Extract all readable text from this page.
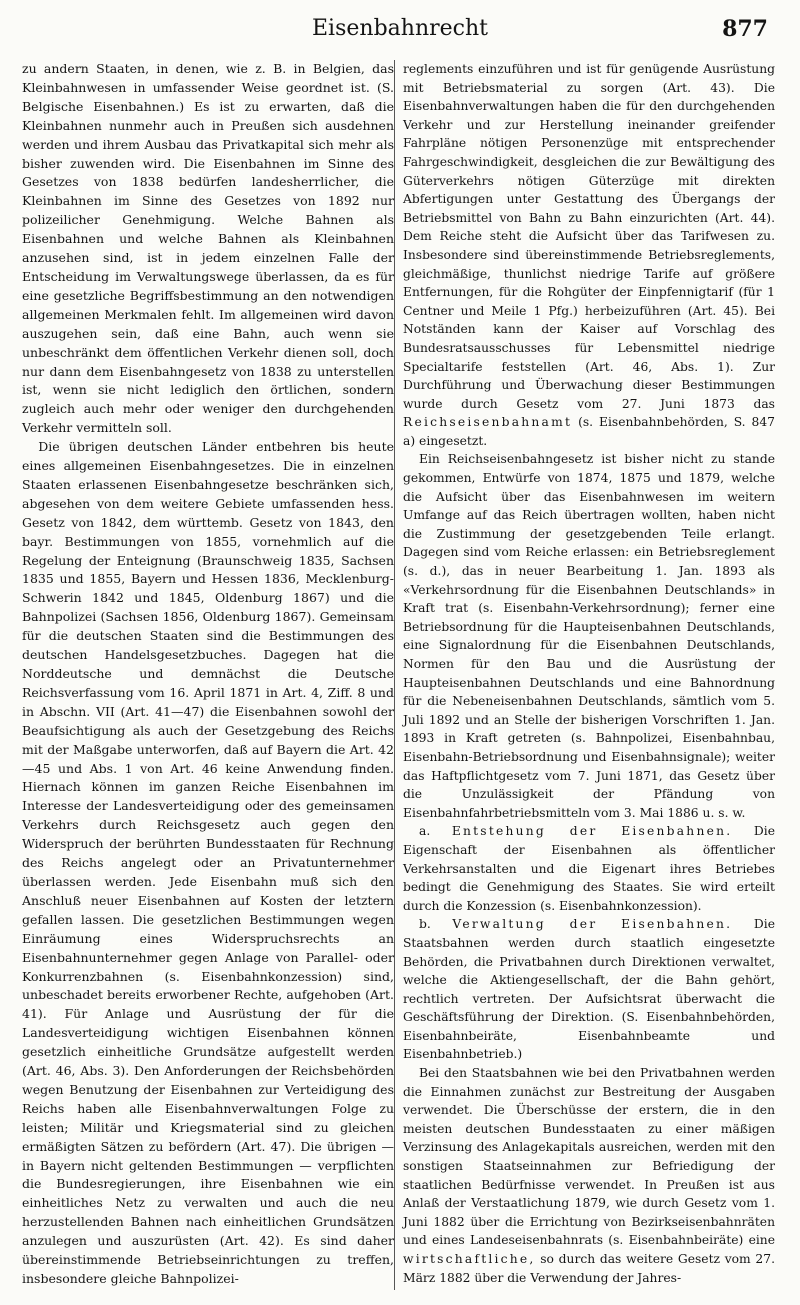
Eisenbahnrecht	877

zu andern Staaten, in denen, wie z. B. in Belgien, das Kleinbahnwesen in umfassender Weise geordnet ist. (S. Belgische Eisenbahnen.) Es ist zu erwarten, daß die Kleinbahnen nunmehr auch in Preußen sich ausdehnen werden und ihrem Ausbau das Privatkapital sich mehr als bisher zuwenden wird. Die Eisenbahnen im Sinne des Gesetzes von 1838 bedürfen landesherrlicher, die Kleinbahnen im Sinne des Gesetzes von 1892 nur polizeilicher Genehmigung. Welche Bahnen als Eisenbahnen und welche Bahnen als Kleinbahnen anzusehen sind, ist in jedem einzelnen Falle der Entscheidung im Verwaltungswege überlassen, da es für eine gesetzliche Begriffsbestimmung an den notwendigen allgemeinen Merkmalen fehlt. Im allgemeinen wird davon auszugehen sein, daß eine Bahn, auch wenn sie unbeschränkt dem öffentlichen Verkehr dienen soll, doch nur dann dem Eisenbahngesetz von 1838 zu unterstellen ist, wenn sie nicht lediglich den örtlichen, sondern zugleich auch mehr oder weniger den durchgehenden Verkehr vermitteln soll.

Die übrigen deutschen Länder entbehren bis heute eines allgemeinen Eisenbahngesetzes. Die in einzelnen Staaten erlassenen Eisenbahngesetze beschränken sich, abgesehen von dem weitere Gebiete umfassenden hess. Gesetz von 1842, dem württemb. Gesetz von 1843, den bayr. Bestimmungen von 1855, vornehmlich auf die Regelung der Enteignung (Braunschweig 1835, Sachsen 1835 und 1855, Bayern und Hessen 1836, Mecklenburg-Schwerin 1842 und 1845, Oldenburg 1867) und die Bahnpolizei (Sachsen 1856, Oldenburg 1867). Gemeinsam für die deutschen Staaten sind die Bestimmungen des deutschen Handelsgesetzbuches. Dagegen hat die Norddeutsche und demnächst die Deutsche Reichsverfassung vom 16. April 1871 in Art. 4, Ziff. 8 und in Abschn. VII (Art. 41—47) die Eisenbahnen sowohl der Beaufsichtigung als auch der Gesetzgebung des Reichs mit der Maßgabe unterworfen, daß auf Bayern die Art. 42—45 und Abs. 1 von Art. 46 keine Anwendung finden. Hiernach können im ganzen Reiche Eisenbahnen im Interesse der Landesverteidigung oder des gemeinsamen Verkehrs durch Reichsgesetz auch gegen den Widerspruch der berührten Bundesstaaten für Rechnung des Reichs angelegt oder an Privatunternehmer überlassen werden. Jede Eisenbahn muß sich den Anschluß neuer Eisenbahnen auf Kosten der letztern gefallen lassen. Die gesetzlichen Bestimmungen wegen Einräumung eines Widerspruchsrechts an Eisenbahnunternehmer gegen Anlage von Parallel- oder Konkurrenzbahnen (s. Eisenbahnkonzession) sind, unbeschadet bereits erworbener Rechte, aufgehoben (Art. 41). Für Anlage und Ausrüstung der für die Landesverteidigung wichtigen Eisenbahnen können gesetzlich einheitliche Grundsätze aufgestellt werden (Art. 46, Abs. 3). Den Anforderungen der Reichsbehörden wegen Benutzung der Eisenbahnen zur Verteidigung des Reichs haben alle Eisenbahnverwaltungen Folge zu leisten; Militär und Kriegsmaterial sind zu gleichen ermäßigten Sätzen zu befördern (Art. 47). Die übrigen — in Bayern nicht geltenden Bestimmungen — verpflichten die Bundesregierungen, ihre Eisenbahnen wie ein einheitliches Netz zu verwalten und auch die neu herzustellenden Bahnen nach einheitlichen Grundsätzen anzulegen und auszurüsten (Art. 42). Es sind daher übereinstimmende Betriebseinrichtungen zu treffen, insbesondere gleiche Bahnpolizei-

reglements einzuführen und ist für genügende Ausrüstung mit Betriebsmaterial zu sorgen (Art. 43). Die Eisenbahnverwaltungen haben die für den durchgehenden Verkehr und zur Herstellung ineinander greifender Fahrpläne nötigen Personenzüge mit entsprechender Fahrgeschwindigkeit, desgleichen die zur Bewältigung des Güterverkehrs nötigen Güterzüge mit direkten Abfertigungen unter Gestattung des Übergangs der Betriebsmittel von Bahn zu Bahn einzurichten (Art. 44). Dem Reiche steht die Aufsicht über das Tarifwesen zu. Insbesondere sind übereinstimmende Betriebsreglements, gleichmäßige, thunlichst niedrige Tarife auf größere Entfernungen, für die Rohgüter der Einpfennigtarif (für 1 Centner und Meile 1 Pfg.) herbeizuführen (Art. 45). Bei Notständen kann der Kaiser auf Vorschlag des Bundesratsausschusses für Lebensmittel niedrige Specialtarife feststellen (Art. 46, Abs. 1). Zur Durchführung und Überwachung dieser Bestimmungen wurde durch Gesetz vom 27. Juni 1873 das Reichseisenbahnamt (s. Eisenbahnbehörden, S. 847 a) eingesetzt.

Ein Reichseisenbahngesetz ist bisher nicht zu stande gekommen, Entwürfe von 1874, 1875 und 1879, welche die Aufsicht über das Eisenbahnwesen im weitern Umfange auf das Reich übertragen wollten, haben nicht die Zustimmung der gesetzgebenden Teile erlangt. Dagegen sind vom Reiche erlassen: ein Betriebsreglement (s. d.), das in neuer Bearbeitung 1. Jan. 1893 als «Verkehrsordnung für die Eisenbahnen Deutschlands» in Kraft trat (s. Eisenbahn-Verkehrsordnung); ferner eine Betriebsordnung für die Haupteisenbahnen Deutschlands, eine Signalordnung für die Eisenbahnen Deutschlands, Normen für den Bau und die Ausrüstung der Haupteisenbahnen Deutschlands und eine Bahnordnung für die Nebeneisenbahnen Deutschlands, sämtlich vom 5. Juli 1892 und an Stelle der bisherigen Vorschriften 1. Jan. 1893 in Kraft getreten (s. Bahnpolizei, Eisenbahnbau, Eisenbahn-Betriebsordnung und Eisenbahnsignale); weiter das Haftpflichtgesetz vom 7. Juni 1871, das Gesetz über die Unzulässigkeit der Pfändung von Eisenbahnfahrbetriebsmitteln vom 3. Mai 1886 u. s. w.

a. Entstehung der Eisenbahnen. Die Eigenschaft der Eisenbahnen als öffentlicher Verkehrsanstalten und die Eigenart ihres Betriebes bedingt die Genehmigung des Staates. Sie wird erteilt durch die Konzession (s. Eisenbahnkonzession).

b. Verwaltung der Eisenbahnen. Die Staatsbahnen werden durch staatlich eingesetzte Behörden, die Privatbahnen durch Direktionen verwaltet, welche die Aktiengesellschaft, der die Bahn gehört, rechtlich vertreten. Der Aufsichtsrat überwacht die Geschäftsführung der Direktion. (S. Eisenbahnbehörden, Eisenbahnbeiräte, Eisenbahnbeamte und Eisenbahnbetrieb.)

Bei den Staatsbahnen wie bei den Privatbahnen werden die Einnahmen zunächst zur Bestreitung der Ausgaben verwendet. Die Überschüsse der erstern, die in den meisten deutschen Bundesstaaten zu einer mäßigen Verzinsung des Anlagekapitals ausreichen, werden mit den sonstigen Staatseinnahmen zur Befriedigung der staatlichen Bedürfnisse verwendet. In Preußen ist aus Anlaß der Verstaatlichung 1879, wie durch Gesetz vom 1. Juni 1882 über die Errichtung von Bezirkseisenbahnräten und eines Landeseisenbahnrats (s. Eisenbahnbeiräte) eine wirtschaftliche, so durch das weitere Gesetz vom 27. März 1882 über die Verwendung der Jahres-
